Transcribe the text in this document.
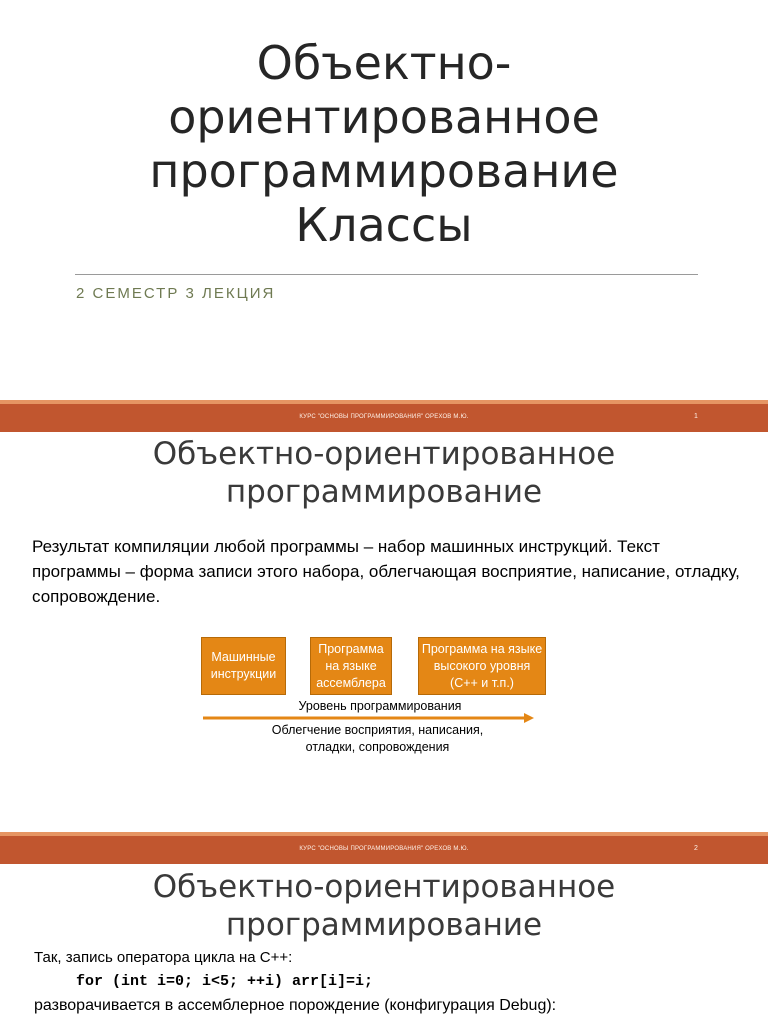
Объектно-
ориентированное
программирование
Классы
2 СЕМЕСТР 3 ЛЕКЦИЯ
КУРС "ОСНОВЫ ПРОГРАММИРОВАНИЯ" ОРЕХОВ М.Ю.	1
Объектно-ориентированное
программирование
Результат компиляции любой программы – набор машинных инструкций. Текст программы – форма записи этого набора, облегчающая восприятие, написание, отладку, сопровождение.
Машинные инструкции
Программа на языке ассемблера
Программа на языке высокого уровня (С++ и т.п.)
Уровень программирования
Облегчение восприятия, написания, отладки, сопровождения
КУРС "ОСНОВЫ ПРОГРАММИРОВАНИЯ" ОРЕХОВ М.Ю.	2
Объектно-ориентированное
программирование
Так, запись оператора цикла на С++:
for (int i=0; i<5; ++i) arr[i]=i;
разворачивается в ассемблерное порождение (конфигурация Debug):
